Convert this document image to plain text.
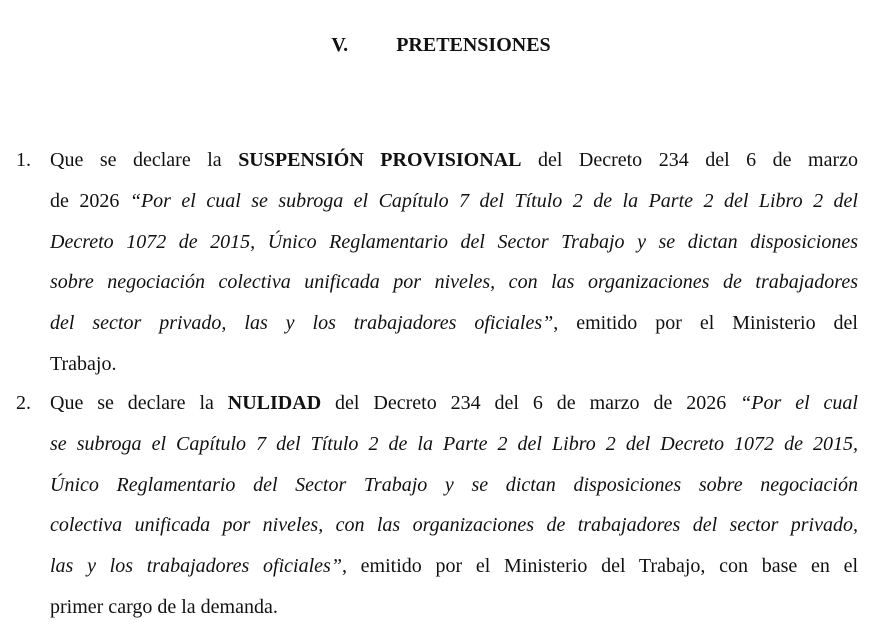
V. PRETENSIONES
1. Que se declare la SUSPENSIÓN PROVISIONAL del Decreto 234 del 6 de marzo
de 2026 “Por el cual se subroga el Capítulo 7 del Título 2 de la Parte 2 del Libro 2 del
Decreto 1072 de 2015, Único Reglamentario del Sector Trabajo y se dictan disposiciones
sobre negociación colectiva unificada por niveles, con las organizaciones de trabajadores
del sector privado, las y los trabajadores oficiales”, emitido por el Ministerio del
Trabajo.
2. Que se declare la NULIDAD del Decreto 234 del 6 de marzo de 2026 “Por el cual
se subroga el Capítulo 7 del Título 2 de la Parte 2 del Libro 2 del Decreto 1072 de 2015,
Único Reglamentario del Sector Trabajo y se dictan disposiciones sobre negociación
colectiva unificada por niveles, con las organizaciones de trabajadores del sector privado,
las y los trabajadores oficiales”, emitido por el Ministerio del Trabajo, con base en el
primer cargo de la demanda.
